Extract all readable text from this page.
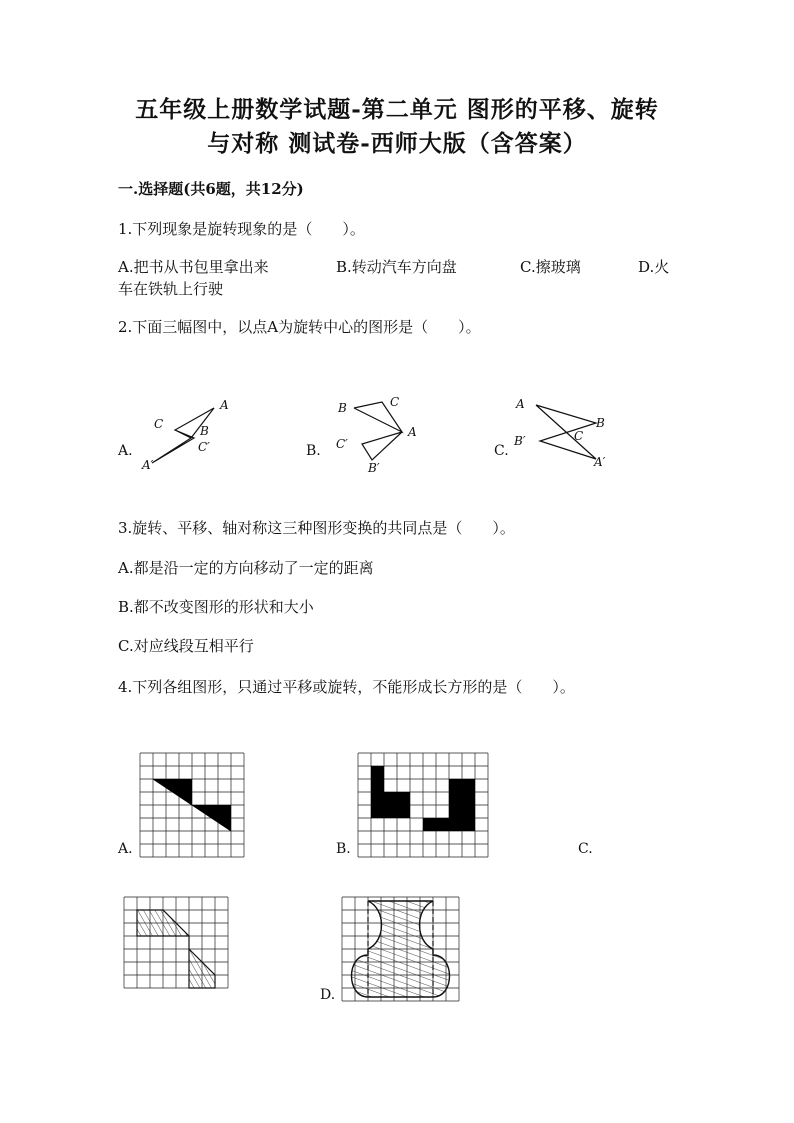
五年级上册数学试题-第二单元 图形的平移、旋转
与对称 测试卷-西师大版（含答案）
一.选择题(共6题，共12分)
1.下列现象是旋转现象的是（　　）。
A.把书从书包里拿出来	B.转动汽车方向盘	C.擦玻璃	D.火
车在铁轨上行驶
2.下面三幅图中，以点A为旋转中心的图形是（　　）。
A.
A
C	B
C′
A′
B.
B	C
A
C′
B′
C.
A
B
C
B′
A′
3.旋转、平移、轴对称这三种图形变换的共同点是（　　）。
A.都是沿一定的方向移动了一定的距离
B.都不改变图形的形状和大小
C.对应线段互相平行
4.下列各组图形，只通过平移或旋转，不能形成长方形的是（　　）。
A.	B.	C.
D.
